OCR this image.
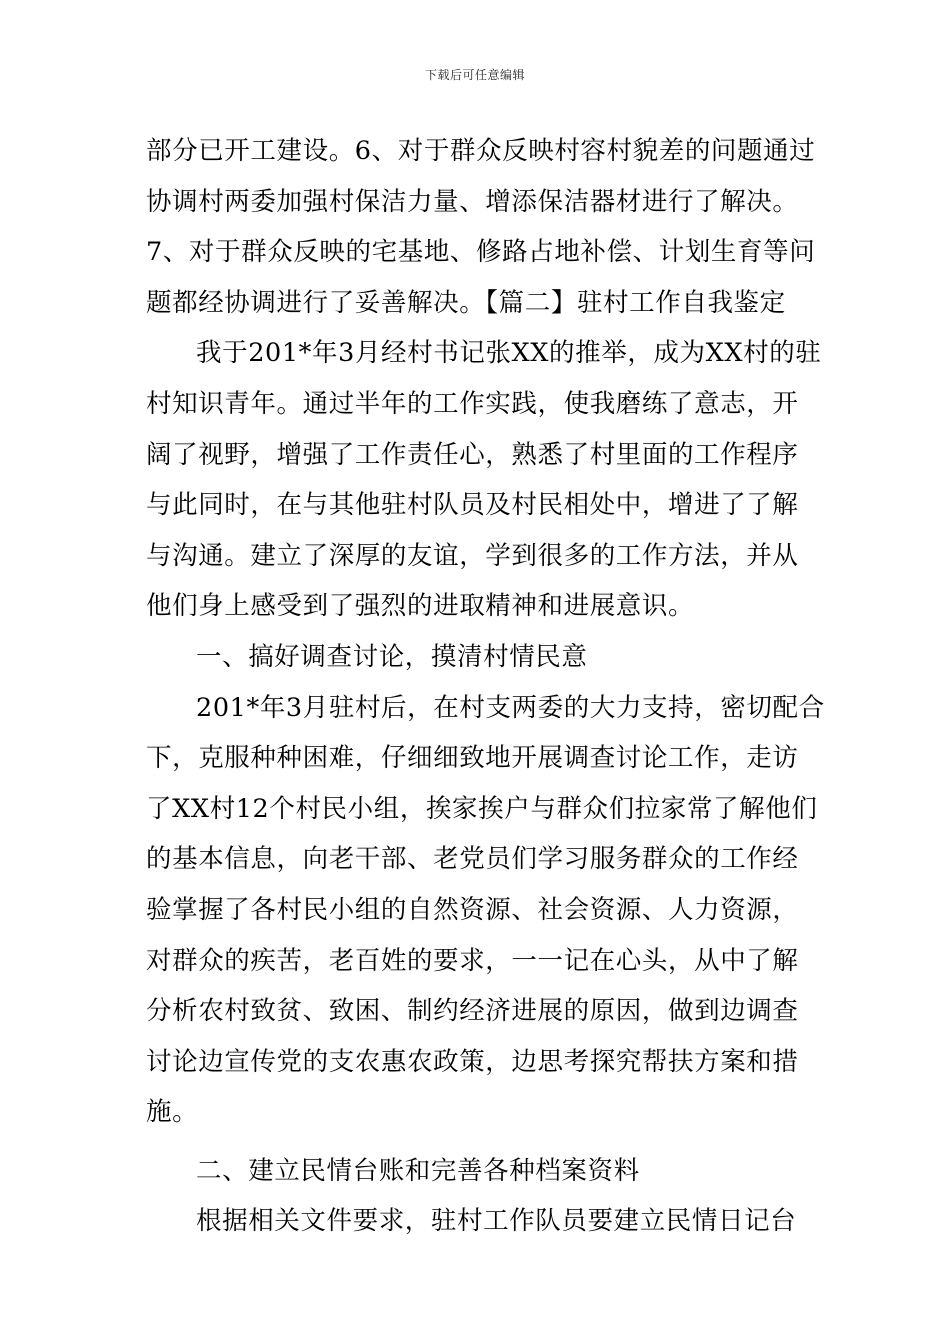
下载后可任意编辑
部分已开工建设。6、对于群众反映村容村貌差的问题通过
协调村两委加强村保洁力量、增添保洁器材进行了解决。
7、对于群众反映的宅基地、修路占地补偿、计划生育等问
题都经协调进行了妥善解决。【篇二】驻村工作自我鉴定
我于201*年3月经村书记张XX的推举，成为XX村的驻
村知识青年。通过半年的工作实践，使我磨练了意志，开
阔了视野，增强了工作责任心，熟悉了村里面的工作程序
与此同时，在与其他驻村队员及村民相处中，增进了了解
与沟通。建立了深厚的友谊，学到很多的工作方法，并从
他们身上感受到了强烈的进取精神和进展意识。
一、搞好调查讨论，摸清村情民意
201*年3月驻村后，在村支两委的大力支持，密切配合
下，克服种种困难，仔细细致地开展调查讨论工作，走访
了XX村12个村民小组，挨家挨户与群众们拉家常了解他们
的基本信息，向老干部、老党员们学习服务群众的工作经
验掌握了各村民小组的自然资源、社会资源、人力资源，
对群众的疾苦，老百姓的要求，一一记在心头，从中了解
分析农村致贫、致困、制约经济进展的原因，做到边调查
讨论边宣传党的支农惠农政策，边思考探究帮扶方案和措
施。
二、建立民情台账和完善各种档案资料
根据相关文件要求，驻村工作队员要建立民情日记台
